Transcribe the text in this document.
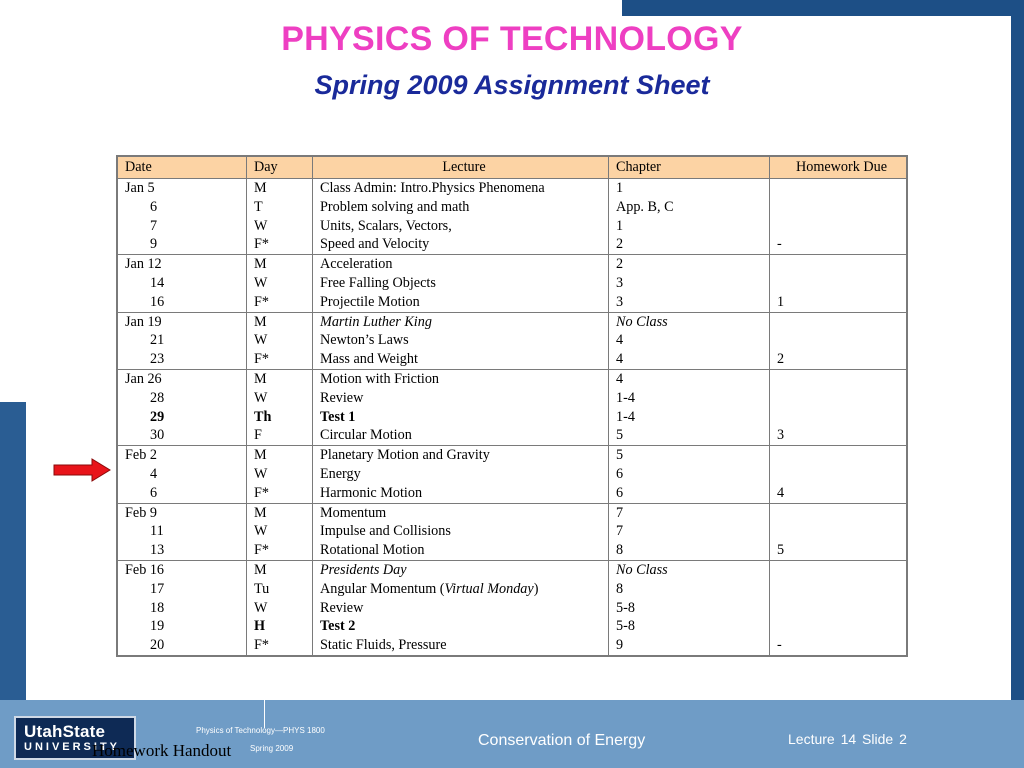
PHYSICS OF TECHNOLOGY
Spring 2009 Assignment Sheet
Date	Day	Lecture	Chapter	Homework Due
Jan 5	M	Class Admin: Intro.Physics Phenomena	1	
6	T	Problem solving and math	App. B, C	
7	W	Units, Scalars, Vectors,	1	
9	F*	Speed and Velocity	2	-
Jan 12	M	Acceleration	2	
14	W	Free Falling Objects	3	
16	F*	Projectile Motion	3	1
Jan 19	M	Martin Luther King	No Class	
21	W	Newton’s Laws	4	
23	F*	Mass and Weight	4	2
Jan 26	M	Motion with Friction	4	
28	W	Review	1-4	
29	Th	Test 1	1-4	
30	F	Circular Motion	5	3
Feb 2	M	Planetary Motion and Gravity	5	
4	W	Energy	6	
6	F*	Harmonic Motion	6	4
Feb 9	M	Momentum	7	
11	W	Impulse and Collisions	7	
13	F*	Rotational Motion	8	5
Feb 16	M	Presidents Day	No Class	
17	Tu	Angular Momentum (Virtual Monday)	8	
18	W	Review	5-8	
19	H	Test 2	5-8	
20	F*	Static Fluids, Pressure	9	-
UtahState
UNIVERSITY
Physics of Technology—PHYS 1800
Homework Handout Spring 2009	Conservation of Energy	Lecture 14 Slide 2
